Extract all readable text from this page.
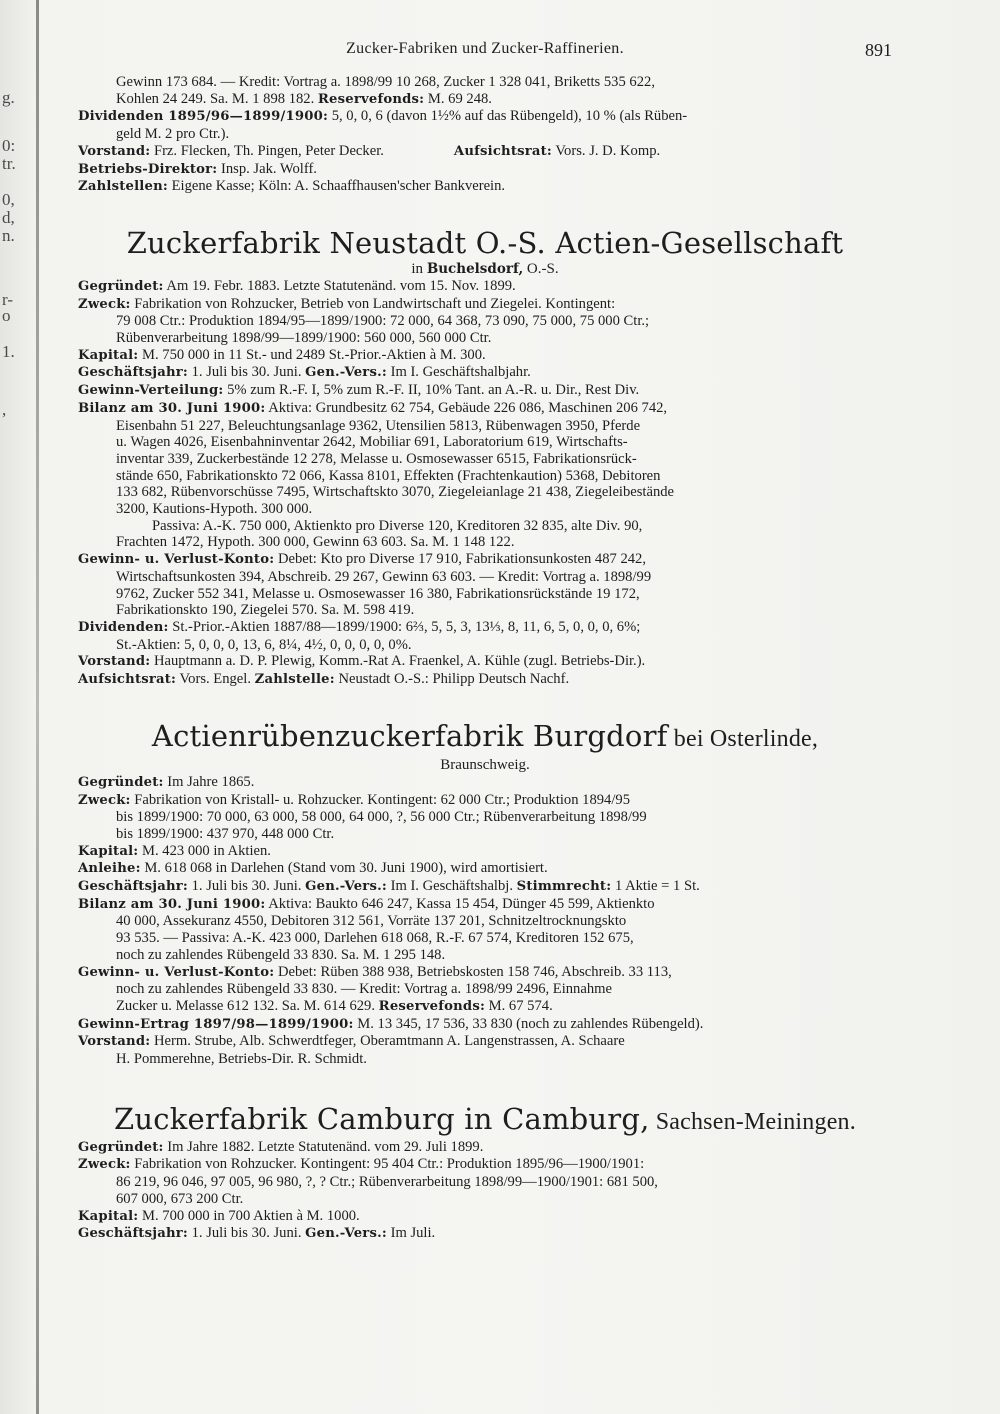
g.
0:
tr.
0,
d,
n.
r-
o
1.
,
Zucker-Fabriken und Zucker-Raffinerien.	891
Gewinn 173 684. — Kredit: Vortrag a. 1898/99 10 268, Zucker 1 328 041, Briketts 535 622,
Kohlen 24 249. Sa. M. 1 898 182. Reservefonds: M. 69 248.
Dividenden 1895/96—1899/1900: 5, 0, 0, 6 (davon 1½% auf das Rübengeld), 10 % (als Rüben-
geld M. 2 pro Ctr.).
Vorstand: Frz. Flecken, Th. Pingen, Peter Decker.	Aufsichtsrat: Vors. J. D. Komp.
Betriebs-Direktor: Insp. Jak. Wolff.
Zahlstellen: Eigene Kasse; Köln: A. Schaaffhausen'scher Bankverein.
Zuckerfabrik Neustadt O.-S. Actien-Gesellschaft
in Buchelsdorf, O.-S.
Gegründet: Am 19. Febr. 1883. Letzte Statutenänd. vom 15. Nov. 1899.
Zweck: Fabrikation von Rohzucker, Betrieb von Landwirtschaft und Ziegelei. Kontingent:
79 008 Ctr.: Produktion 1894/95—1899/1900: 72 000, 64 368, 73 090, 75 000, 75 000 Ctr.;
Rübenverarbeitung 1898/99—1899/1900: 560 000, 560 000 Ctr.
Kapital: M. 750 000 in 11 St.- und 2489 St.-Prior.-Aktien à M. 300.
Geschäftsjahr: 1. Juli bis 30. Juni. Gen.-Vers.: Im I. Geschäftshalbjahr.
Gewinn-Verteilung: 5% zum R.-F. I, 5% zum R.-F. II, 10% Tant. an A.-R. u. Dir., Rest Div.
Bilanz am 30. Juni 1900: Aktiva: Grundbesitz 62 754, Gebäude 226 086, Maschinen 206 742,
Eisenbahn 51 227, Beleuchtungsanlage 9362, Utensilien 5813, Rübenwagen 3950, Pferde
u. Wagen 4026, Eisenbahninventar 2642, Mobiliar 691, Laboratorium 619, Wirtschafts-
inventar 339, Zuckerbestände 12 278, Melasse u. Osmosewasser 6515, Fabrikationsrück-
stände 650, Fabrikationskto 72 066, Kassa 8101, Effekten (Frachtenkaution) 5368, Debitoren
133 682, Rübenvorschüsse 7495, Wirtschaftskto 3070, Ziegeleianlage 21 438, Ziegeleibestände
3200, Kautions-Hypoth. 300 000.
Passiva: A.-K. 750 000, Aktienkto pro Diverse 120, Kreditoren 32 835, alte Div. 90,
Frachten 1472, Hypoth. 300 000, Gewinn 63 603. Sa. M. 1 148 122.
Gewinn- u. Verlust-Konto: Debet: Kto pro Diverse 17 910, Fabrikationsunkosten 487 242,
Wirtschaftsunkosten 394, Abschreib. 29 267, Gewinn 63 603. — Kredit: Vortrag a. 1898/99
9762, Zucker 552 341, Melasse u. Osmosewasser 16 380, Fabrikationsrückstände 19 172,
Fabrikationskto 190, Ziegelei 570. Sa. M. 598 419.
Dividenden: St.-Prior.-Aktien 1887/88—1899/1900: 6⅔, 5, 5, 3, 13⅓, 8, 11, 6, 5, 0, 0, 0, 6%;
St.-Aktien: 5, 0, 0, 0, 13, 6, 8¼, 4½, 0, 0, 0, 0, 0%.
Vorstand: Hauptmann a. D. P. Plewig, Komm.-Rat A. Fraenkel, A. Kühle (zugl. Betriebs-Dir.).
Aufsichtsrat: Vors. Engel. Zahlstelle: Neustadt O.-S.: Philipp Deutsch Nachf.
Actienrübenzuckerfabrik Burgdorf bei Osterlinde,
Braunschweig.
Gegründet: Im Jahre 1865.
Zweck: Fabrikation von Kristall- u. Rohzucker. Kontingent: 62 000 Ctr.; Produktion 1894/95
bis 1899/1900: 70 000, 63 000, 58 000, 64 000, ?, 56 000 Ctr.; Rübenverarbeitung 1898/99
bis 1899/1900: 437 970, 448 000 Ctr.
Kapital: M. 423 000 in Aktien.
Anleihe: M. 618 068 in Darlehen (Stand vom 30. Juni 1900), wird amortisiert.
Geschäftsjahr: 1. Juli bis 30. Juni. Gen.-Vers.: Im I. Geschäftshalbj. Stimmrecht: 1 Aktie = 1 St.
Bilanz am 30. Juni 1900: Aktiva: Baukto 646 247, Kassa 15 454, Dünger 45 599, Aktienkto
40 000, Assekuranz 4550, Debitoren 312 561, Vorräte 137 201, Schnitzeltrocknungskto
93 535. — Passiva: A.-K. 423 000, Darlehen 618 068, R.-F. 67 574, Kreditoren 152 675,
noch zu zahlendes Rübengeld 33 830. Sa. M. 1 295 148.
Gewinn- u. Verlust-Konto: Debet: Rüben 388 938, Betriebskosten 158 746, Abschreib. 33 113,
noch zu zahlendes Rübengeld 33 830. — Kredit: Vortrag a. 1898/99 2496, Einnahme
Zucker u. Melasse 612 132. Sa. M. 614 629. Reservefonds: M. 67 574.
Gewinn-Ertrag 1897/98—1899/1900: M. 13 345, 17 536, 33 830 (noch zu zahlendes Rübengeld).
Vorstand: Herm. Strube, Alb. Schwerdtfeger, Oberamtmann A. Langenstrassen, A. Schaare
H. Pommerehne, Betriebs-Dir. R. Schmidt.
Zuckerfabrik Camburg in Camburg, Sachsen-Meiningen.
Gegründet: Im Jahre 1882. Letzte Statutenänd. vom 29. Juli 1899.
Zweck: Fabrikation von Rohzucker. Kontingent: 95 404 Ctr.: Produktion 1895/96—1900/1901:
86 219, 96 046, 97 005, 96 980, ?, ? Ctr.; Rübenverarbeitung 1898/99—1900/1901: 681 500,
607 000, 673 200 Ctr.
Kapital: M. 700 000 in 700 Aktien à M. 1000.
Geschäftsjahr: 1. Juli bis 30. Juni. Gen.-Vers.: Im Juli.
